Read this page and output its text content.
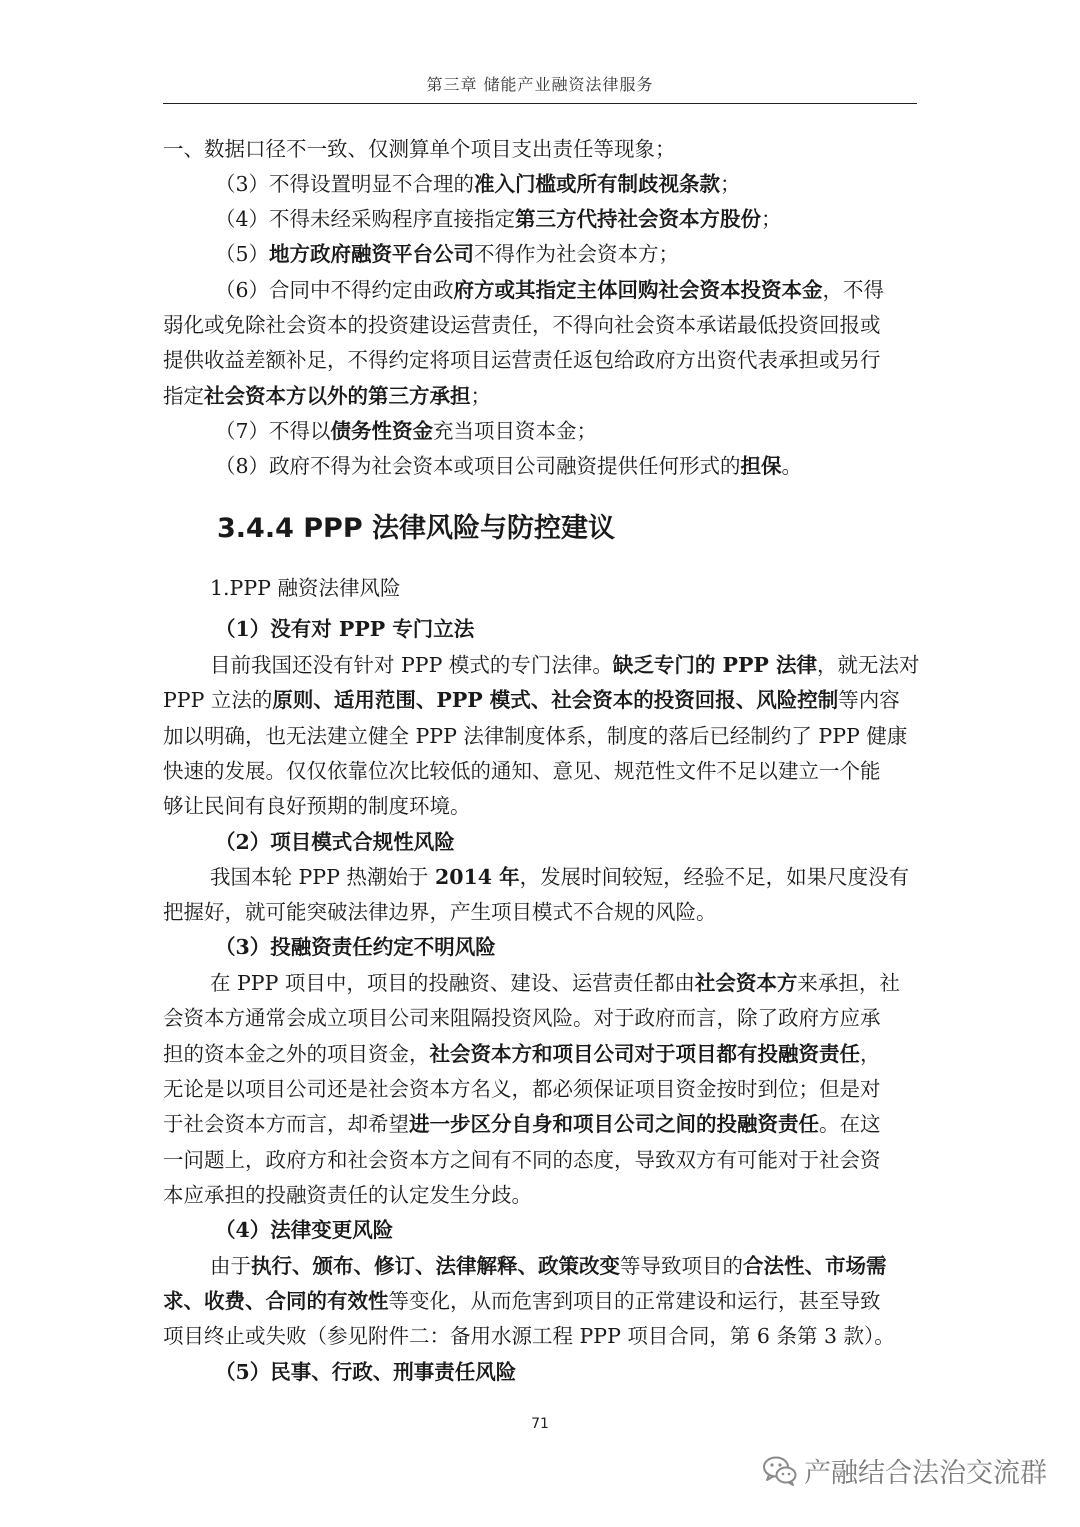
第三章 储能产业融资法律服务
一、数据口径不一致、仅测算单个项目支出责任等现象；
（3）不得设置明显不合理的准入门槛或所有制歧视条款；
（4）不得未经采购程序直接指定第三方代持社会资本方股份；
（5）地方政府融资平台公司不得作为社会资本方；
（6）合同中不得约定由政府方或其指定主体回购社会资本投资本金，不得
弱化或免除社会资本的投资建设运营责任，不得向社会资本承诺最低投资回报或
提供收益差额补足，不得约定将项目运营责任返包给政府方出资代表承担或另行
指定社会资本方以外的第三方承担；
（7）不得以债务性资金充当项目资本金；
（8）政府不得为社会资本或项目公司融资提供任何形式的担保。
3.4.4 PPP 法律风险与防控建议
1.PPP 融资法律风险
（1）没有对 PPP 专门立法
目前我国还没有针对 PPP 模式的专门法律。缺乏专门的 PPP 法律，就无法对
PPP 立法的原则、适用范围、PPP 模式、社会资本的投资回报、风险控制等内容
加以明确，也无法建立健全 PPP 法律制度体系，制度的落后已经制约了 PPP 健康
快速的发展。仅仅依靠位次比较低的通知、意见、规范性文件不足以建立一个能
够让民间有良好预期的制度环境。
（2）项目模式合规性风险
我国本轮 PPP 热潮始于 2014 年，发展时间较短，经验不足，如果尺度没有
把握好，就可能突破法律边界，产生项目模式不合规的风险。
（3）投融资责任约定不明风险
在 PPP 项目中，项目的投融资、建设、运营责任都由社会资本方来承担，社
会资本方通常会成立项目公司来阻隔投资风险。对于政府而言，除了政府方应承
担的资本金之外的项目资金，社会资本方和项目公司对于项目都有投融资责任，
无论是以项目公司还是社会资本方名义，都必须保证项目资金按时到位；但是对
于社会资本方而言，却希望进一步区分自身和项目公司之间的投融资责任。在这
一问题上，政府方和社会资本方之间有不同的态度，导致双方有可能对于社会资
本应承担的投融资责任的认定发生分歧。
（4）法律变更风险
由于执行、颁布、修订、法律解释、政策改变等导致项目的合法性、市场需
求、收费、合同的有效性等变化，从而危害到项目的正常建设和运行，甚至导致
项目终止或失败（参见附件二：备用水源工程 PPP 项目合同，第 6 条第 3 款）。
（5）民事、行政、刑事责任风险
71
产融结合法治交流群
